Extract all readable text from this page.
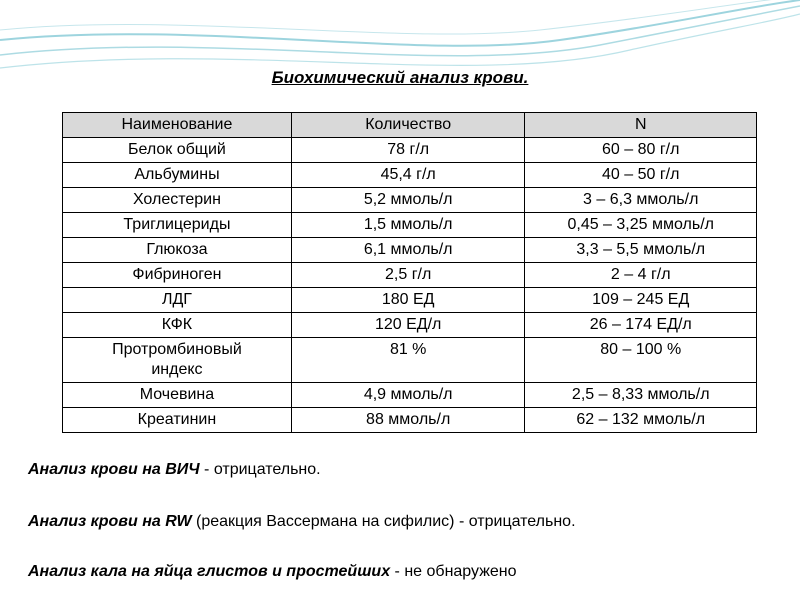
Биохимический анализ крови.
Наименование	Количество	N
Белок общий	78 г/л	60 – 80 г/л
Альбумины	45,4 г/л	40 – 50 г/л
Холестерин	5,2 ммоль/л	3 – 6,3 ммоль/л
Триглицериды	1,5 ммоль/л	0,45 – 3,25 ммоль/л
Глюкоза	6,1 ммоль/л	3,3 – 5,5 ммоль/л
Фибриноген	2,5 г/л	2 – 4 г/л
ЛДГ	180 ЕД	109 – 245 ЕД
КФК	120 ЕД/л	26 – 174 ЕД/л
Протромбиновый индекс	81 %	80 – 100 %
Мочевина	4,9 ммоль/л	2,5 – 8,33 ммоль/л
Креатинин	88 ммоль/л	62 – 132 ммоль/л
Анализ крови на ВИЧ - отрицательно.
Анализ крови на RW (реакция Вассермана на сифилис) - отрицательно.
Анализ кала на яйца глистов и простейших - не обнаружено
